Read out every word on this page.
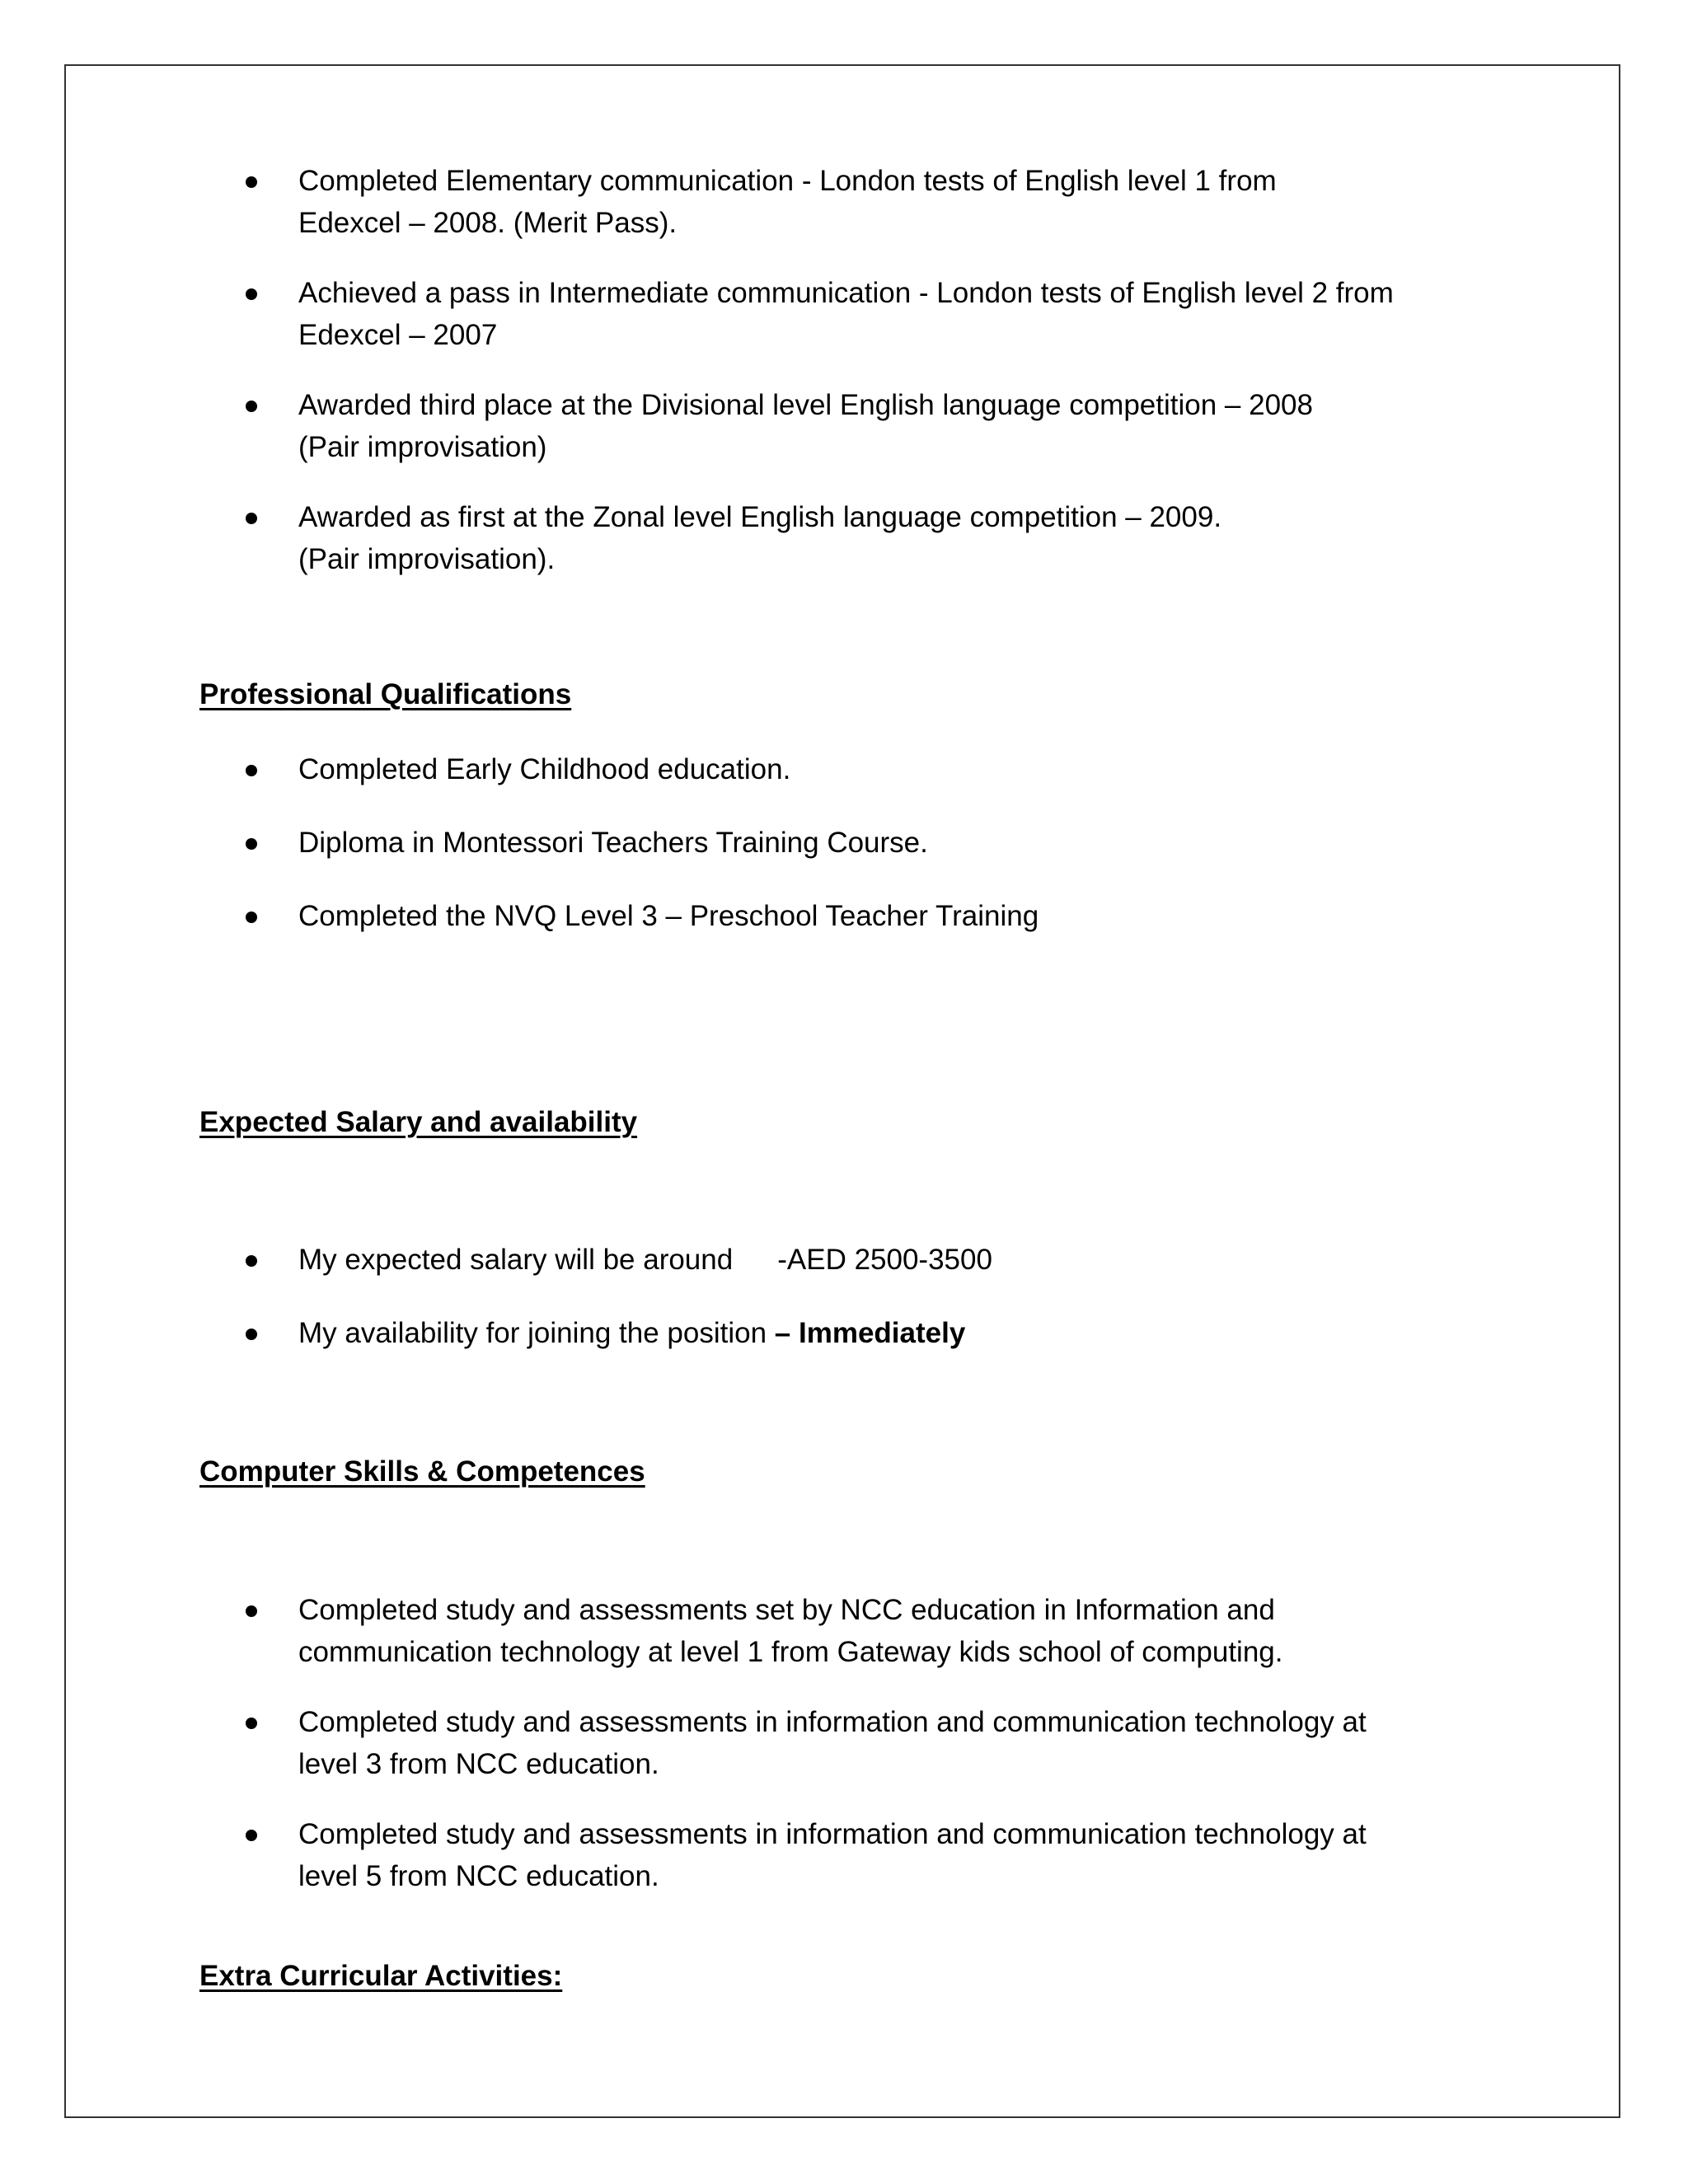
Completed Elementary communication - London tests of English level 1 from
Edexcel – 2008. (Merit Pass).
Achieved a pass in Intermediate communication - London tests of English level 2 from
Edexcel – 2007
Awarded third place at the Divisional level English language competition – 2008
(Pair improvisation)
Awarded as first at the Zonal level English language competition – 2009.
(Pair improvisation).
Professional Qualifications
Completed Early Childhood education.
Diploma in Montessori Teachers Training Course.
Completed the NVQ Level 3 – Preschool Teacher Training
Expected Salary and availability
My expected salary will be around -AED 2500-3500
My availability for joining the position – Immediately
Computer Skills & Competences
Completed study and assessments set by NCC education in Information and
communication technology at level 1 from Gateway kids school of computing.
Completed study and assessments in information and communication technology at
level 3 from NCC education.
Completed study and assessments in information and communication technology at
level 5 from NCC education.
Extra Curricular Activities:
